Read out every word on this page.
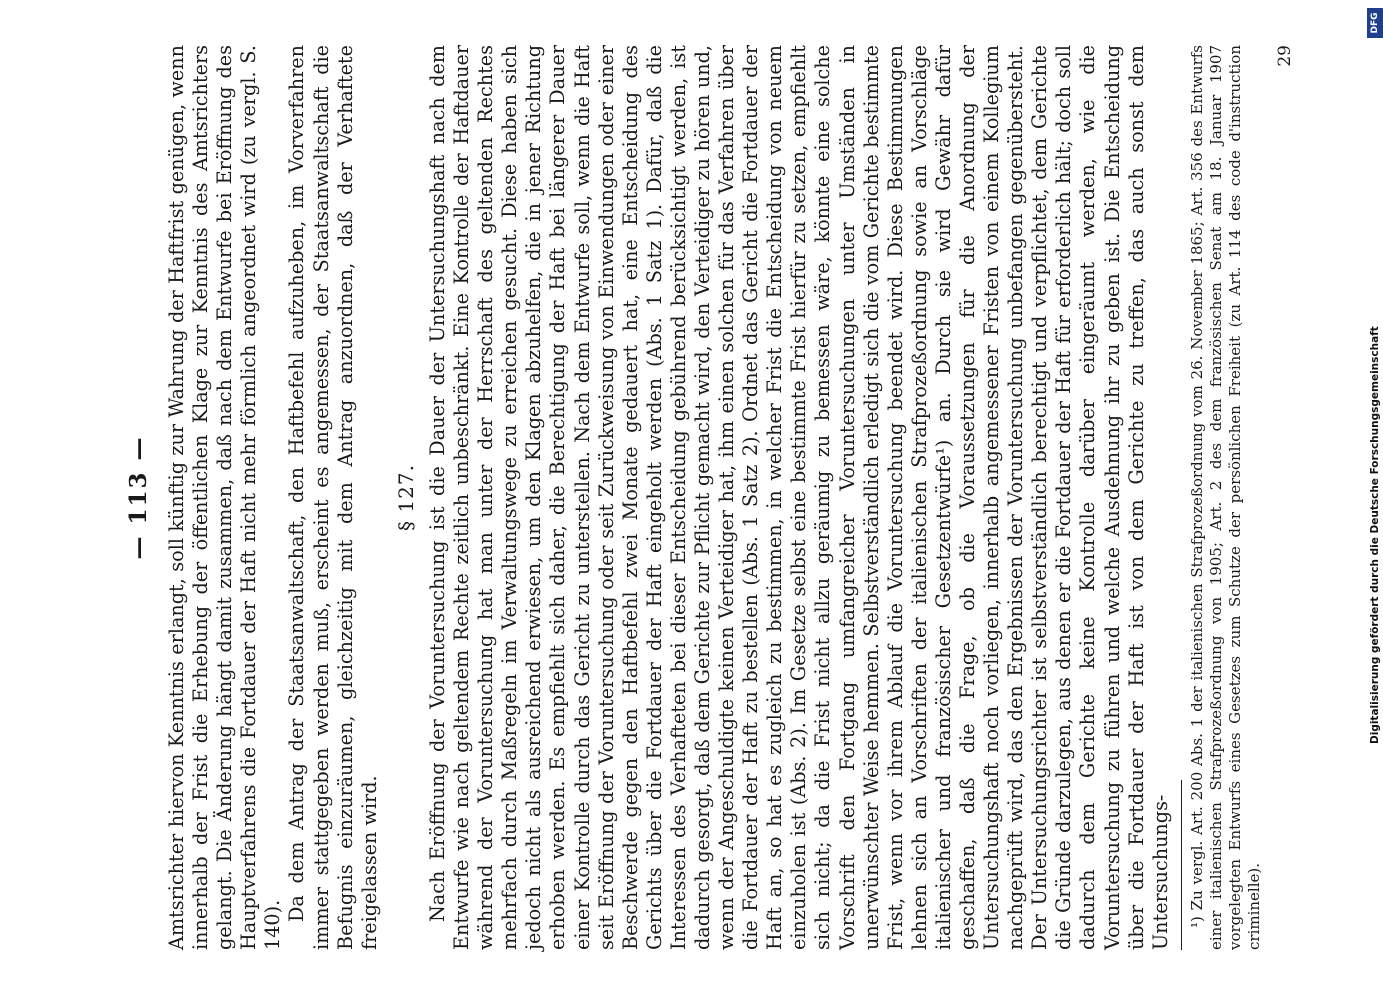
— 113 — Amtsrichter hiervon Kenntnis erlangt, soll künftig zur Wahrung der Haftfrist genügen, wenn innerhalb der Frist die Erhebung der öffentlichen Klage zur Kenntnis des Amtsrichters gelangt. Die Änderung hängt damit zusammen, daß nach dem Entwurfe bei Eröffnung des Hauptverfahrens die Fortdauer der Haft nicht mehr förmlich angeordnet wird (zu vergl. S. 140).

Da dem Antrag der Staatsanwaltschaft, den Haftbefehl aufzuheben, im Vorverfahren immer stattgegeben werden muß, erscheint es angemessen, der Staatsanwaltschaft die Befugnis einzuräumen, gleichzeitig mit dem Antrag anzuordnen, daß der Verhaftete freigelassen wird.

§ 127. Nach Eröffnung der Voruntersuchung ist die Dauer der Untersuchungshaft nach dem Entwurfe wie nach geltendem Rechte zeitlich unbeschränkt. Eine Kontrolle der Haftdauer während der Voruntersuchung hat man unter der Herrschaft des geltenden Rechtes mehrfach durch Maßregeln im Verwaltungswege zu erreichen gesucht. Diese haben sich jedoch nicht als ausreichend erwiesen, um den Klagen abzuhelfen, die in jener Richtung erhoben werden. Es empfiehlt sich daher, die Berechtigung der Haft bei längerer Dauer einer Kontrolle durch das Gericht zu unterstellen. Nach dem Entwurfe soll, wenn die Haft seit Eröffnung der Voruntersuchung oder seit Zurückweisung von Einwendungen oder einer Beschwerde gegen den Haftbefehl zwei Monate gedauert hat, eine Entscheidung des Gerichts über die Fortdauer der Haft eingeholt werden (Abs. 1 Satz 1). Dafür, daß die Interessen des Verhafteten bei dieser Entscheidung gebührend berücksichtigt werden, ist dadurch gesorgt, daß dem Gerichte zur Pflicht gemacht wird, den Verteidiger zu hören und, wenn der Angeschuldigte keinen Verteidiger hat, ihm einen solchen für das Verfahren über die Fortdauer der Haft zu bestellen (Abs. 1 Satz 2). Ordnet das Gericht die Fortdauer der Haft an, so hat es zugleich zu bestimmen, in welcher Frist die Entscheidung von neuem einzuholen ist (Abs. 2). Im Gesetze selbst eine bestimmte Frist hierfür zu setzen, empfiehlt sich nicht; da die Frist nicht allzu geräumig zu bemessen wäre, könnte eine solche Vorschrift den Fortgang umfangreicher Voruntersuchungen unter Umständen in unerwünschter Weise hemmen. Selbstverständlich erledigt sich die vom Gerichte bestimmte Frist, wenn vor ihrem Ablauf die Voruntersuchung beendet wird. Diese Bestimmungen lehnen sich an Vorschriften der italienischen Strafprozeßordnung sowie an Vorschläge italienischer und französischer Gesetzentwürfe¹) an. Durch sie wird Gewähr dafür geschaffen, daß die Frage, ob die Voraussetzungen für die Anordnung der Untersuchungshaft noch vorliegen, innerhalb angemessener Fristen von einem Kollegium nachgeprüft wird, das den Ergebnissen der Voruntersuchung unbefangen gegenübersteht. Der Untersuchungsrichter ist selbstverständlich berechtigt und verpflichtet, dem Gerichte die Gründe darzulegen, aus denen er die Fortdauer der Haft für erforderlich hält; doch soll dadurch dem Gerichte keine Kontrolle darüber eingeräumt werden, wie die Voruntersuchung zu führen und welche Ausdehnung ihr zu geben ist. Die Entscheidung über die Fortdauer der Haft ist von dem Gerichte zu treffen, das auch sonst dem Untersuchungs- ¹) Zu vergl. Art. 200 Abs. 1 der italienischen Strafprozeßordnung vom 26. November 1865; Art. 356 des Entwurfs einer italienischen Strafprozeßordnung von 1905; Art. 2 des dem französischen Senat am 18. Januar 1907 vorgelegten Entwurfs eines Gesetzes zum Schutze der persönlichen Freiheit (zu Art. 114 des code d'instruction criminelle).

29
DFG
Digitalisierung gefördert durch die Deutsche Forschungsgemeinschaft
